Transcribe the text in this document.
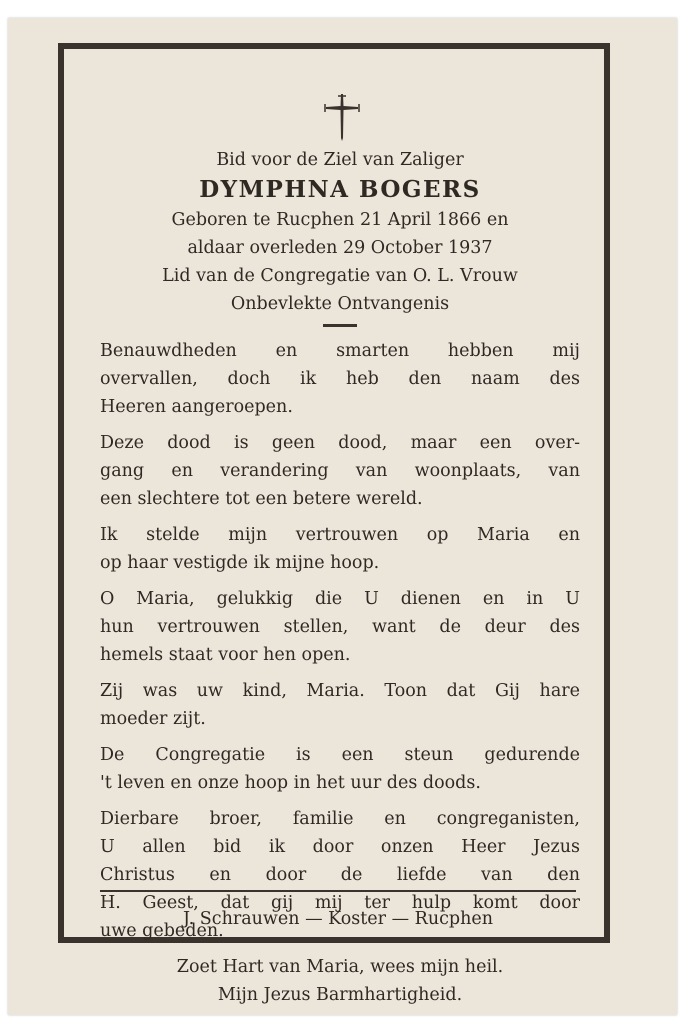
Bid voor de Ziel van Zaliger

DYMPHNA BOGERS

Geboren te Rucphen 21 April 1866 en

aldaar overleden 29 October 1937

Lid van de Congregatie van O. L. Vrouw

Onbevlekte Ontvangenis

Benauwdheden en smarten hebben mij

overvallen, doch ik heb den naam des

Heeren aangeroepen.

Deze dood is geen dood, maar een over-

gang en verandering van woonplaats, van

een slechtere tot een betere wereld.

Ik stelde mijn vertrouwen op Maria en

op haar vestigde ik mijne hoop.

O Maria, gelukkig die U dienen en in U

hun vertrouwen stellen, want de deur des

hemels staat voor hen open.

Zij was uw kind, Maria. Toon dat Gij hare

moeder zijt.

De Congregatie is een steun gedurende

't leven en onze hoop in het uur des doods.

Dierbare broer, familie en congreganisten,

U allen bid ik door onzen Heer Jezus

Christus en door de liefde van den

H. Geest, dat gij mij ter hulp komt door

uwe gebeden.

Zoet Hart van Maria, wees mijn heil.

Mijn Jezus Barmhartigheid.

J. Schrauwen — Koster — Rucphen
